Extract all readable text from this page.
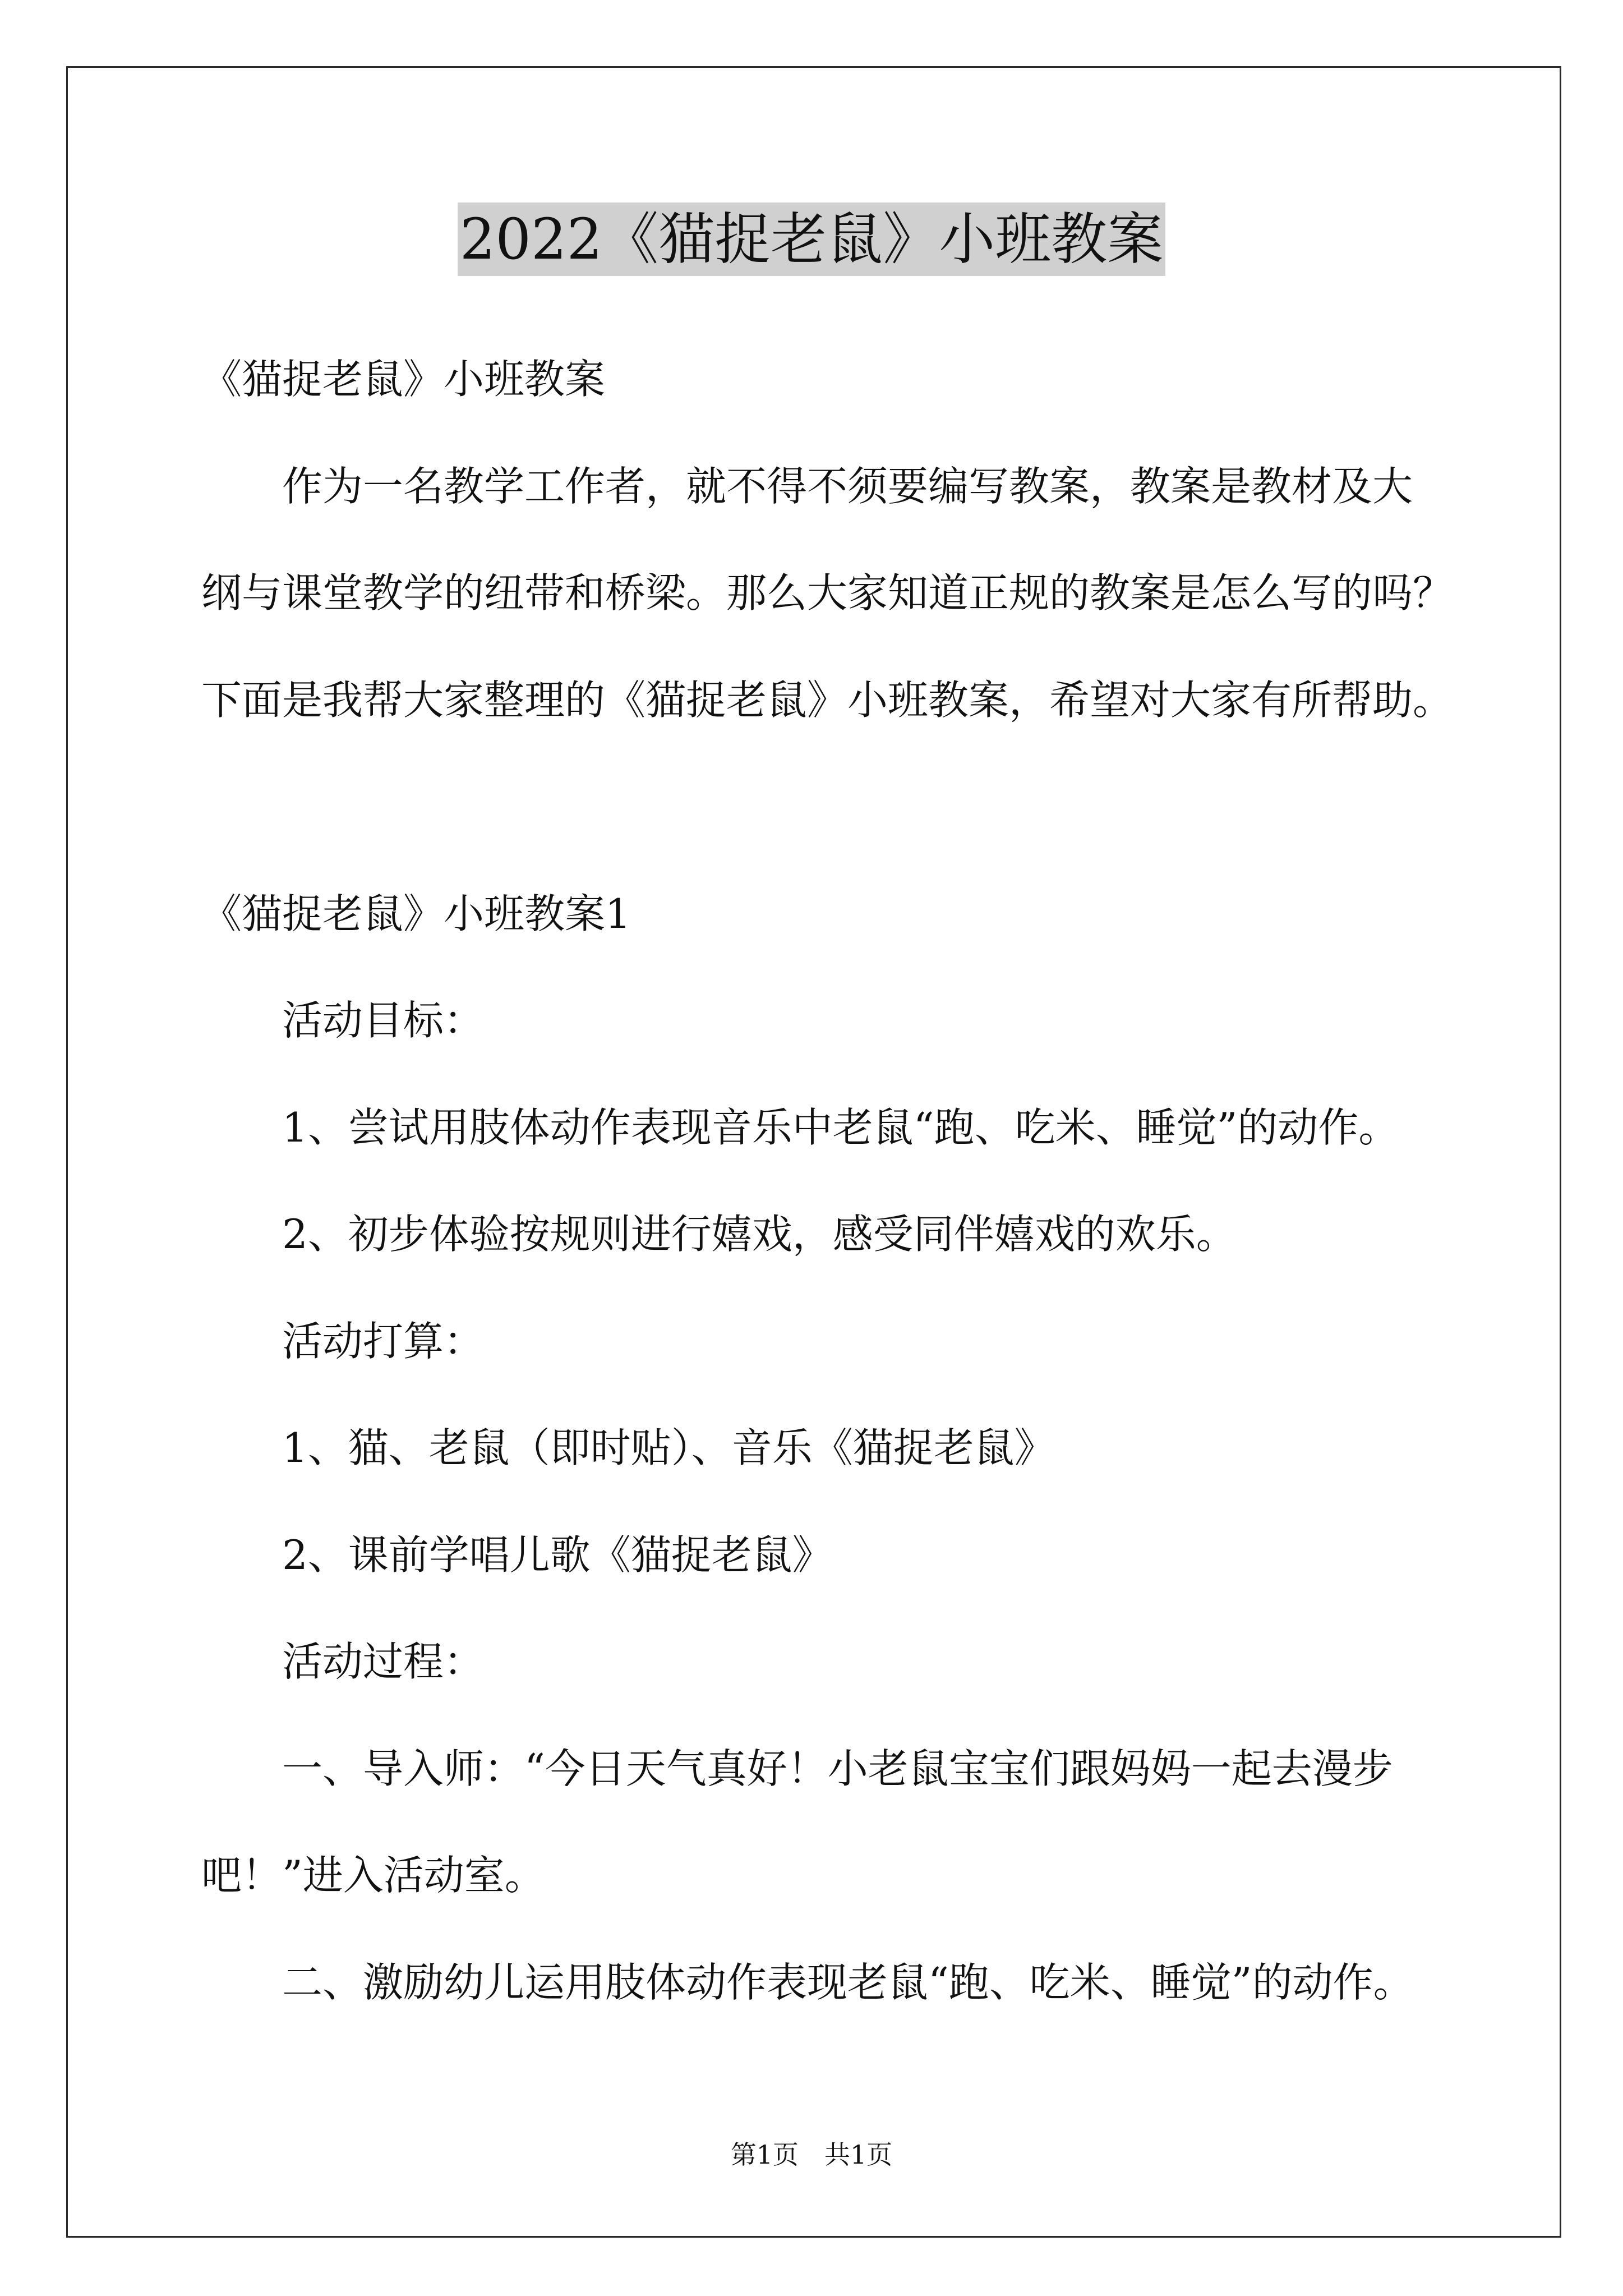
2022《猫捉老鼠》小班教案
《猫捉老鼠》小班教案
作为一名教学工作者，就不得不须要编写教案，教案是教材及大
纲与课堂教学的纽带和桥梁。那么大家知道正规的教案是怎么写的吗？
下面是我帮大家整理的《猫捉老鼠》小班教案，希望对大家有所帮助。
《猫捉老鼠》小班教案1
活动目标：
1、尝试用肢体动作表现音乐中老鼠“跑、吃米、睡觉”的动作。
2、初步体验按规则进行嬉戏，感受同伴嬉戏的欢乐。
活动打算：
1、猫、老鼠（即时贴）、音乐《猫捉老鼠》
2、课前学唱儿歌《猫捉老鼠》
活动过程：
一、导入师：“今日天气真好！小老鼠宝宝们跟妈妈一起去漫步
吧！”进入活动室。
二、激励幼儿运用肢体动作表现老鼠“跑、吃米、睡觉”的动作。
第1页　共1页
